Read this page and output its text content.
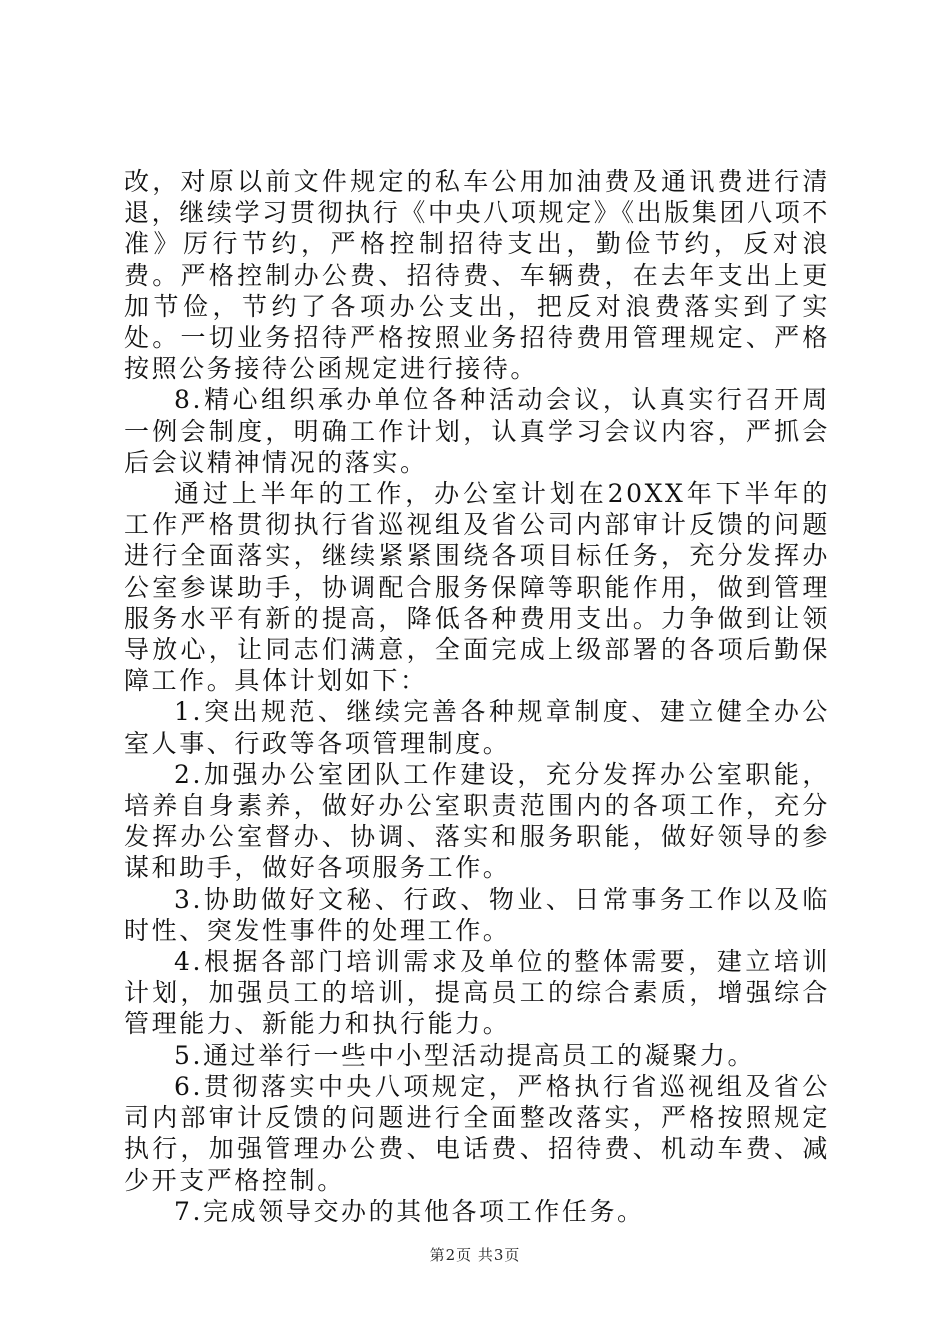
改，对原以前文件规定的私车公用加油费及通讯费进行清退，继续学习贯彻执行《中央八项规定》《出版集团八项不准》厉行节约，严格控制招待支出，勤俭节约，反对浪费。严格控制办公费、招待费、车辆费，在去年支出上更加节俭，节约了各项办公支出，把反对浪费落实到了实处。一切业务招待严格按照业务招待费用管理规定、严格按照公务接待公函规定进行接待。

8.精心组织承办单位各种活动会议，认真实行召开周一例会制度，明确工作计划，认真学习会议内容，严抓会后会议精神情况的落实。

通过上半年的工作，办公室计划在20XX年下半年的工作严格贯彻执行省巡视组及省公司内部审计反馈的问题进行全面落实，继续紧紧围绕各项目标任务，充分发挥办公室参谋助手，协调配合服务保障等职能作用，做到管理服务水平有新的提高，降低各种费用支出。力争做到让领导放心，让同志们满意，全面完成上级部署的各项后勤保障工作。具体计划如下：

1.突出规范、继续完善各种规章制度、建立健全办公室人事、行政等各项管理制度。

2.加强办公室团队工作建设，充分发挥办公室职能，培养自身素养，做好办公室职责范围内的各项工作，充分发挥办公室督办、协调、落实和服务职能，做好领导的参谋和助手，做好各项服务工作。

3.协助做好文秘、行政、物业、日常事务工作以及临时性、突发性事件的处理工作。

4.根据各部门培训需求及单位的整体需要，建立培训计划，加强员工的培训，提高员工的综合素质，增强综合管理能力、新能力和执行能力。

5.通过举行一些中小型活动提高员工的凝聚力。

6.贯彻落实中央八项规定，严格执行省巡视组及省公司内部审计反馈的问题进行全面整改落实，严格按照规定执行，加强管理办公费、电话费、招待费、机动车费、减少开支严格控制。

7.完成领导交办的其他各项工作任务。

第2页 共3页
